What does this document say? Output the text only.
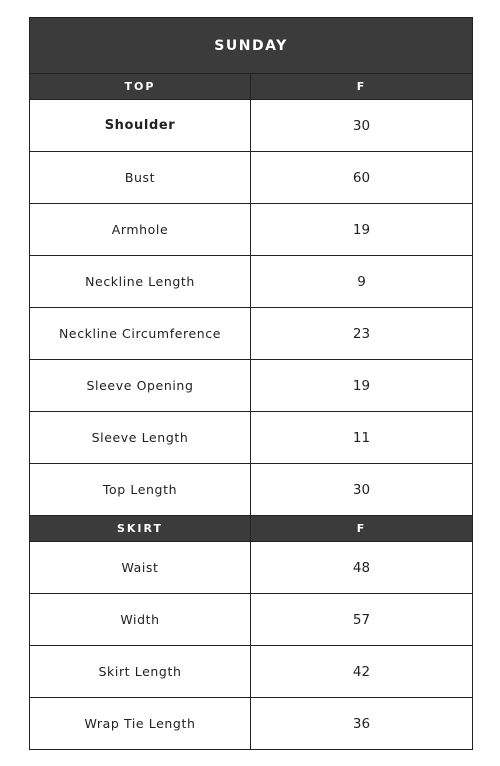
SUNDAY
TOP	F
Shoulder	30
Bust	60
Armhole	19
Neckline Length	9
Neckline Circumference	23
Sleeve Opening	19
Sleeve Length	11
Top Length	30
SKIRT	F
Waist	48
Width	57
Skirt Length	42
Wrap Tie Length	36
